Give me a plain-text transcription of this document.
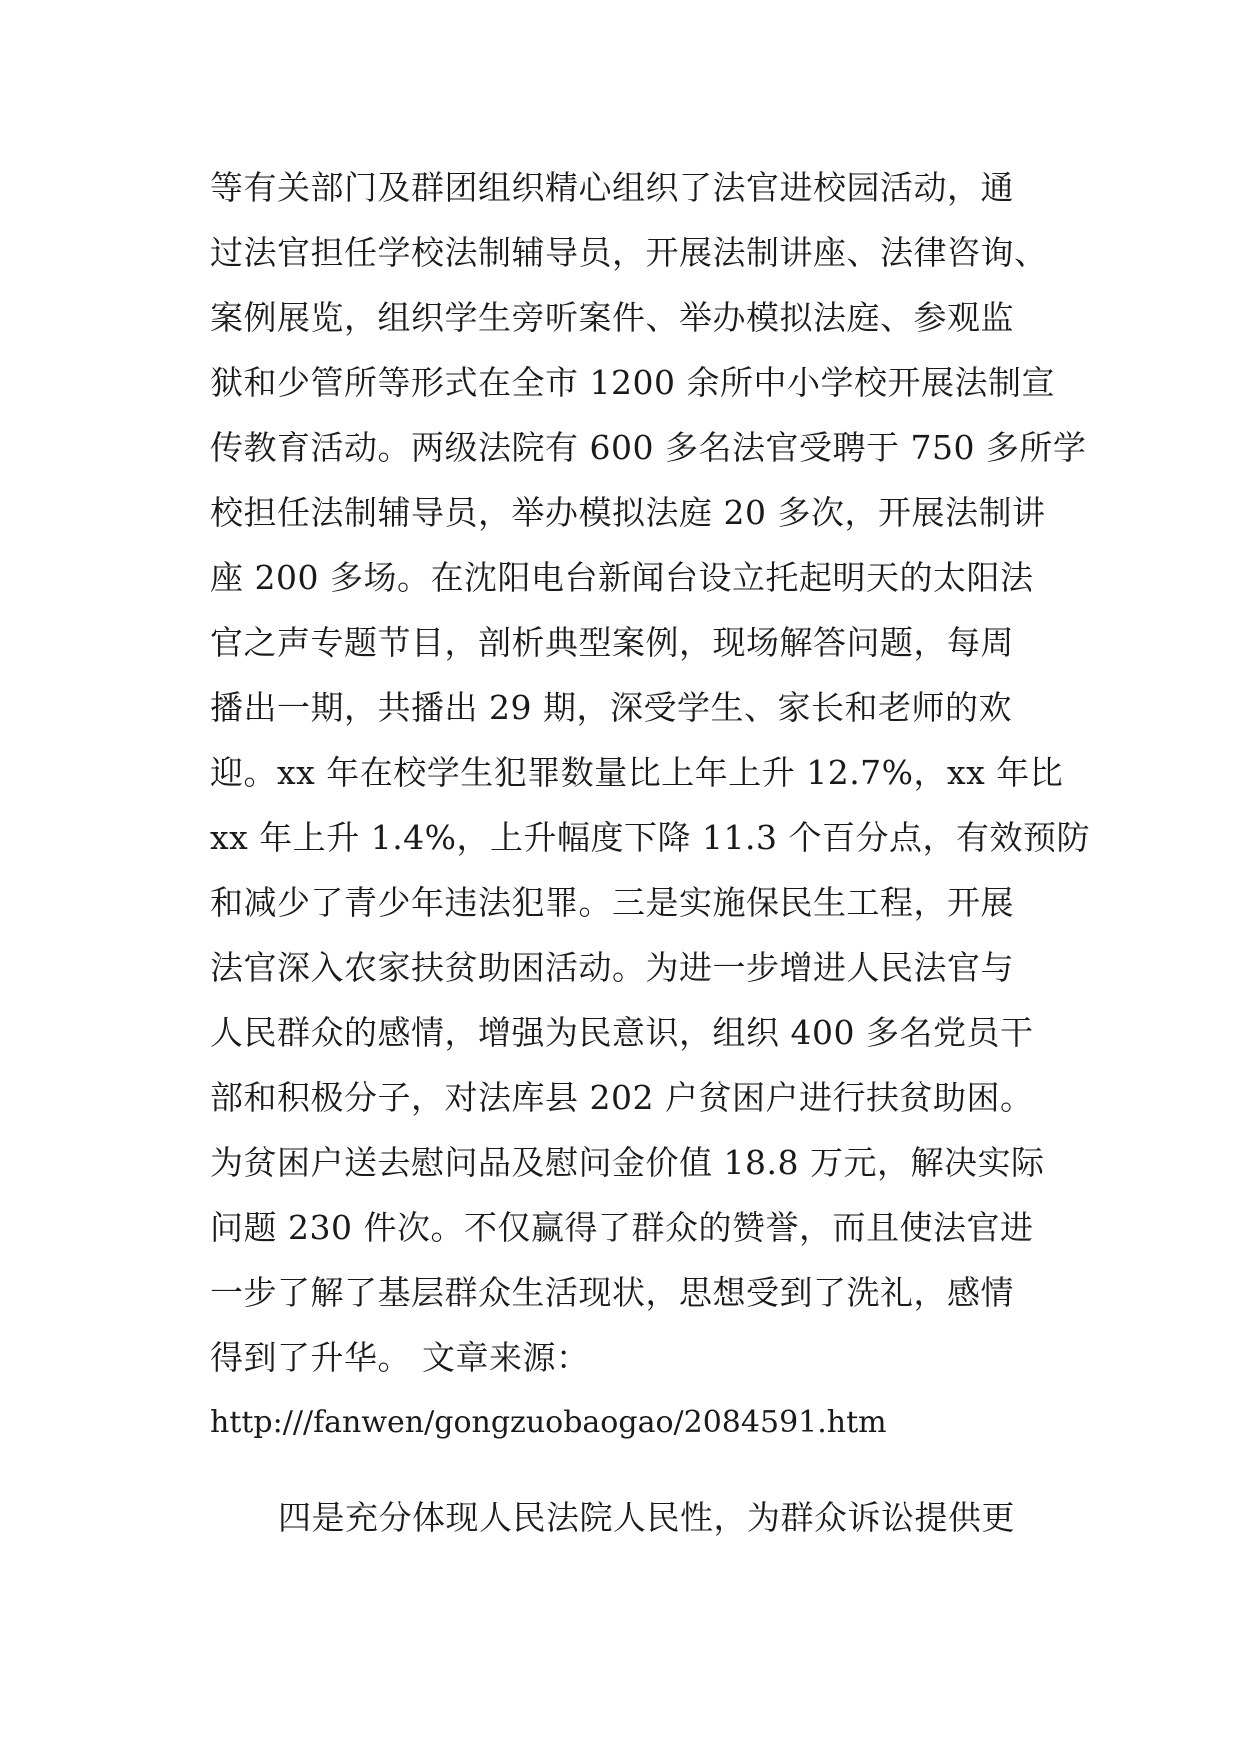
等有关部门及群团组织精心组织了法官进校园活动，通
过法官担任学校法制辅导员，开展法制讲座、法律咨询、
案例展览，组织学生旁听案件、举办模拟法庭、参观监
狱和少管所等形式在全市 1200 余所中小学校开展法制宣
传教育活动。两级法院有 600 多名法官受聘于 750 多所学
校担任法制辅导员，举办模拟法庭 20 多次，开展法制讲
座 200 多场。在沈阳电台新闻台设立托起明天的太阳法
官之声专题节目，剖析典型案例，现场解答问题，每周
播出一期，共播出 29 期，深受学生、家长和老师的欢
迎。xx 年在校学生犯罪数量比上年上升 12.7%，xx 年比
xx 年上升 1.4%，上升幅度下降 11.3 个百分点，有效预防
和减少了青少年违法犯罪。三是实施保民生工程，开展
法官深入农家扶贫助困活动。为进一步增进人民法官与
人民群众的感情，增强为民意识，组织 400 多名党员干
部和积极分子，对法库县 202 户贫困户进行扶贫助困。
为贫困户送去慰问品及慰问金价值 18.8 万元，解决实际
问题 230 件次。不仅赢得了群众的赞誉，而且使法官进
一步了解了基层群众生活现状，思想受到了洗礼，感情
得到了升华。 文章来源：
http:///fanwen/gongzuobaogao/2084591.htm
四是充分体现人民法院人民性，为群众诉讼提供更
